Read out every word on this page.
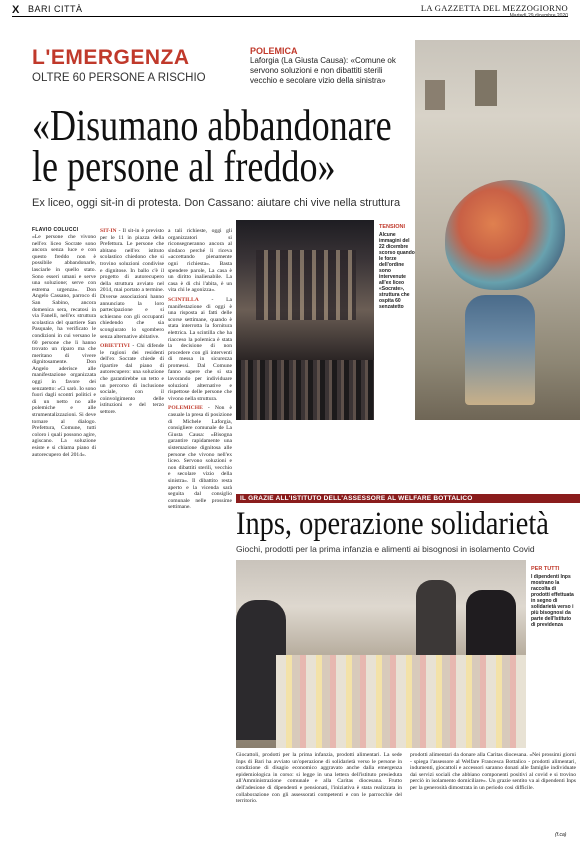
X BARI CITTÀ	LA GAZZETTA DEL MEZZOGIORNO
Martedì 29 dicembre 2020
L'EMERGENZA
OLTRE 60 PERSONE A RISCHIO
POLEMICA
Laforgia (La Giusta Causa): «Comune ok servono soluzioni e non dibattiti sterili vecchio e secolare vizio della sinistra»
«Disumano abbandonare
le persone al freddo»
Ex liceo, oggi sit-in di protesta. Don Cassano: aiutare chi vive nella struttura
FLAVIO COLUCCI

«Le persone che vivono nell'ex liceo Socrate sono ancora senza luce e con questo freddo non è possibile abbandonarle, lasciarle in quello stato. Sono esseri umani e serve una soluzione; serve con estrema urgenza». Don Angelo Cassano, parroco di San Sabino, ancora domenica sera, recatosi in via Fanelli, nell'ex struttura scolastica del quartiere San Pasquale, ha verificato le condizioni in cui versano le 60 persone che lì hanno trovato un riparo ma che meritano di vivere dignitosamente. Don Angelo aderisce alle manifestazione organizzata oggi in favore dei senzatetto: «Ci sarò. Io sono fuori dagli scontri politici e di un netto no alle polemiche e alle strumentalizzazioni. Si deve tornare al dialogo. Prefettura, Comune, tutti coloro i quali possono agire, agiscano. La soluzione esiste e si chiama piano di autorecupero del 2014».

SIT-IN - Il sit-in è previsto per le 11 in piazza della Prefettura. Le persone che abitano nell'ex istituto scolastico chiedono che si trovino soluzioni condivise e dignitose. In ballo c'è il progetto di autorecupero della struttura avviato nel 2014, mai portato a termine. Diverse associazioni hanno annunciato la loro partecipazione e si schierano con gli occupanti chiedendo che sia scongiurato lo sgombero senza alternative abitative.

OBIETTIVI - Chi difende le ragioni dei residenti dell'ex Socrate chiede di ripartire dal piano di autorecupero: una soluzione che garantirebbe un tetto e un percorso di inclusione sociale, con il coinvolgimento delle istituzioni e del terzo settore.

a tali richieste, oggi gli organizzatori si riconsegneranno ancora al sindaco perché li riceva «accettando pienamente ogni richiesta». Basta spendere parole, La casa è un diritto inalienabile. La casa è di chi l'abita, è un vita chi le agonizza».

SCINTILLA - La manifestazione di oggi è una risposta ai fatti delle scorse settimane, quando è stata interrotta la fornitura elettrica. La scintilla che ha riacceso la polemica è stata la decisione di non procedere con gli interventi di messa in sicurezza promessi. Dal Comune fanno sapere che si sta lavorando per individuare soluzioni alternative e rispettose delle persone che vivono nella struttura.

POLEMICHE - Non è casuale la presa di posizione di Michele Laforgia, consigliere comunale de La Giusta Causa: «Bisogna garantire rapidamente una sistemazione dignitosa alle persone che vivono nell'ex liceo. Servono soluzioni e non dibattiti sterili, vecchio e secolare vizio della sinistra». Il dibattito resta aperto e la vicenda sarà seguita dal consiglio comunale nelle prossime settimane.

TENSIONI
Alcune immagini del 22 dicembre scorso quando le forze dell'ordine sono intervenute all'ex liceo «Socrate», struttura che ospita 60 senzatetto
IL GRAZIE ALL'ISTITUTO DELL'ASSESSORE AL WELFARE BOTTALICO
Inps, operazione solidarietà
Giochi, prodotti per la prima infanzia e alimenti ai bisognosi in isolamento Covid
PER TUTTI
I dipendenti Inps mostrano la raccolta di prodotti effettuata in segno di solidarietà verso i più bisognosi da parte dell'Istituto di previdenza
Giocattoli, prodotti per la prima infanzia, prodotti alimentari. La sede Inps di Bari ha avviato un'operazione di solidarietà verso le persone in condizione di disagio economico aggravato anche dalla emergenza epidemiologica in corso: si legge in una lettera dell'istituto presieduta all'Amministrazione comunale e alla Caritas diocesana. Frutto dell'adesione di dipendenti e pensionati, l'iniziativa è stata realizzata in collaborazione con gli assessorati competenti e con le parrocchie del territorio.
prodotti alimentari da donare alla Caritas diocesana. «Nei prossimi giorni - spiega l'assessore al Welfare Francesca Bottalico - prodotti alimentari, indumenti, giocattoli e accessori saranno donati alle famiglie individuate dai servizi sociali che abbiano componenti positivi al covid e si trovino perciò in isolamento domiciliare». Un grazie sentito va ai dipendenti Inps per la generosità dimostrata in un periodo così difficile.
(f.ca)
